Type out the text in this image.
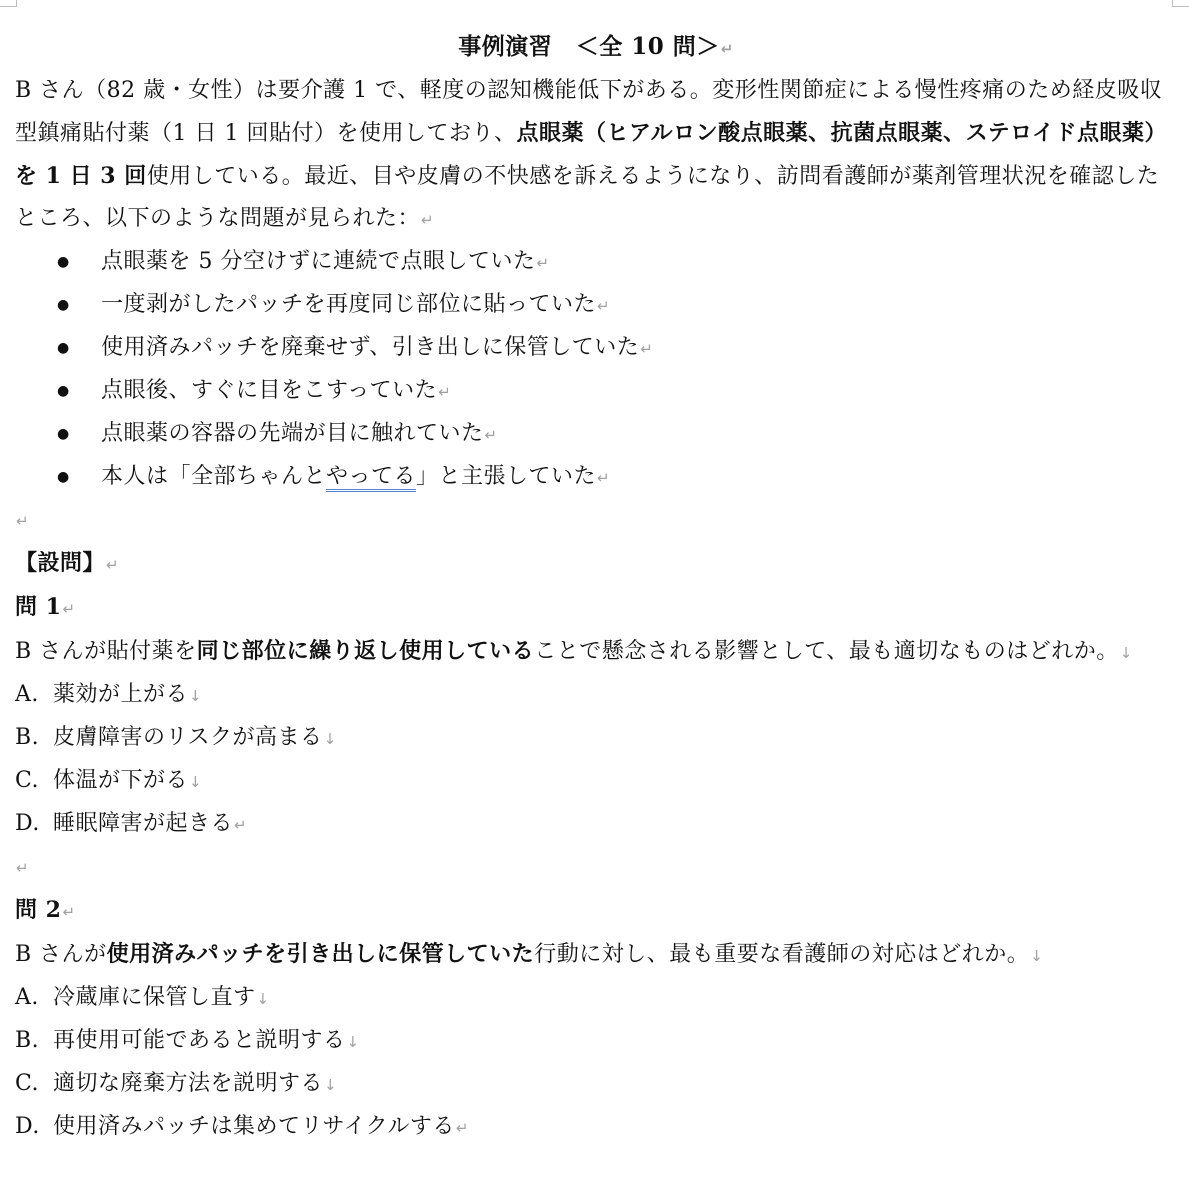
事例演習　＜全 10 問＞↵

B さん（82 歳・女性）は要介護 1 で、軽度の認知機能低下がある。変形性関節症による慢性疼痛のため経皮吸収型鎮痛貼付薬（1 日 1 回貼付）を使用しており、点眼薬（ヒアルロン酸点眼薬、抗菌点眼薬、ステロイド点眼薬）を 1 日 3 回使用している。最近、目や皮膚の不快感を訴えるようになり、訪問看護師が薬剤管理状況を確認したところ、以下のような問題が見られた：↵

● 点眼薬を 5 分空けずに連続で点眼していた↵
● 一度剥がしたパッチを再度同じ部位に貼っていた↵
● 使用済みパッチを廃棄せず、引き出しに保管していた↵
● 点眼後、すぐに目をこすっていた↵
● 点眼薬の容器の先端が目に触れていた↵
● 本人は「全部ちゃんとやってる」と主張していた↵

↵

【設問】↵

問 1↵

B さんが貼付薬を同じ部位に繰り返し使用していることで懸念される影響として、最も適切なものはどれか。↓

A. 薬効が上がる↓

B. 皮膚障害のリスクが高まる↓

C. 体温が下がる↓

D. 睡眠障害が起きる↵

↵

問 2↵

B さんが使用済みパッチを引き出しに保管していた行動に対し、最も重要な看護師の対応はどれか。↓

A. 冷蔵庫に保管し直す↓

B. 再使用可能であると説明する↓

C. 適切な廃棄方法を説明する↓

D. 使用済みパッチは集めてリサイクルする↵
